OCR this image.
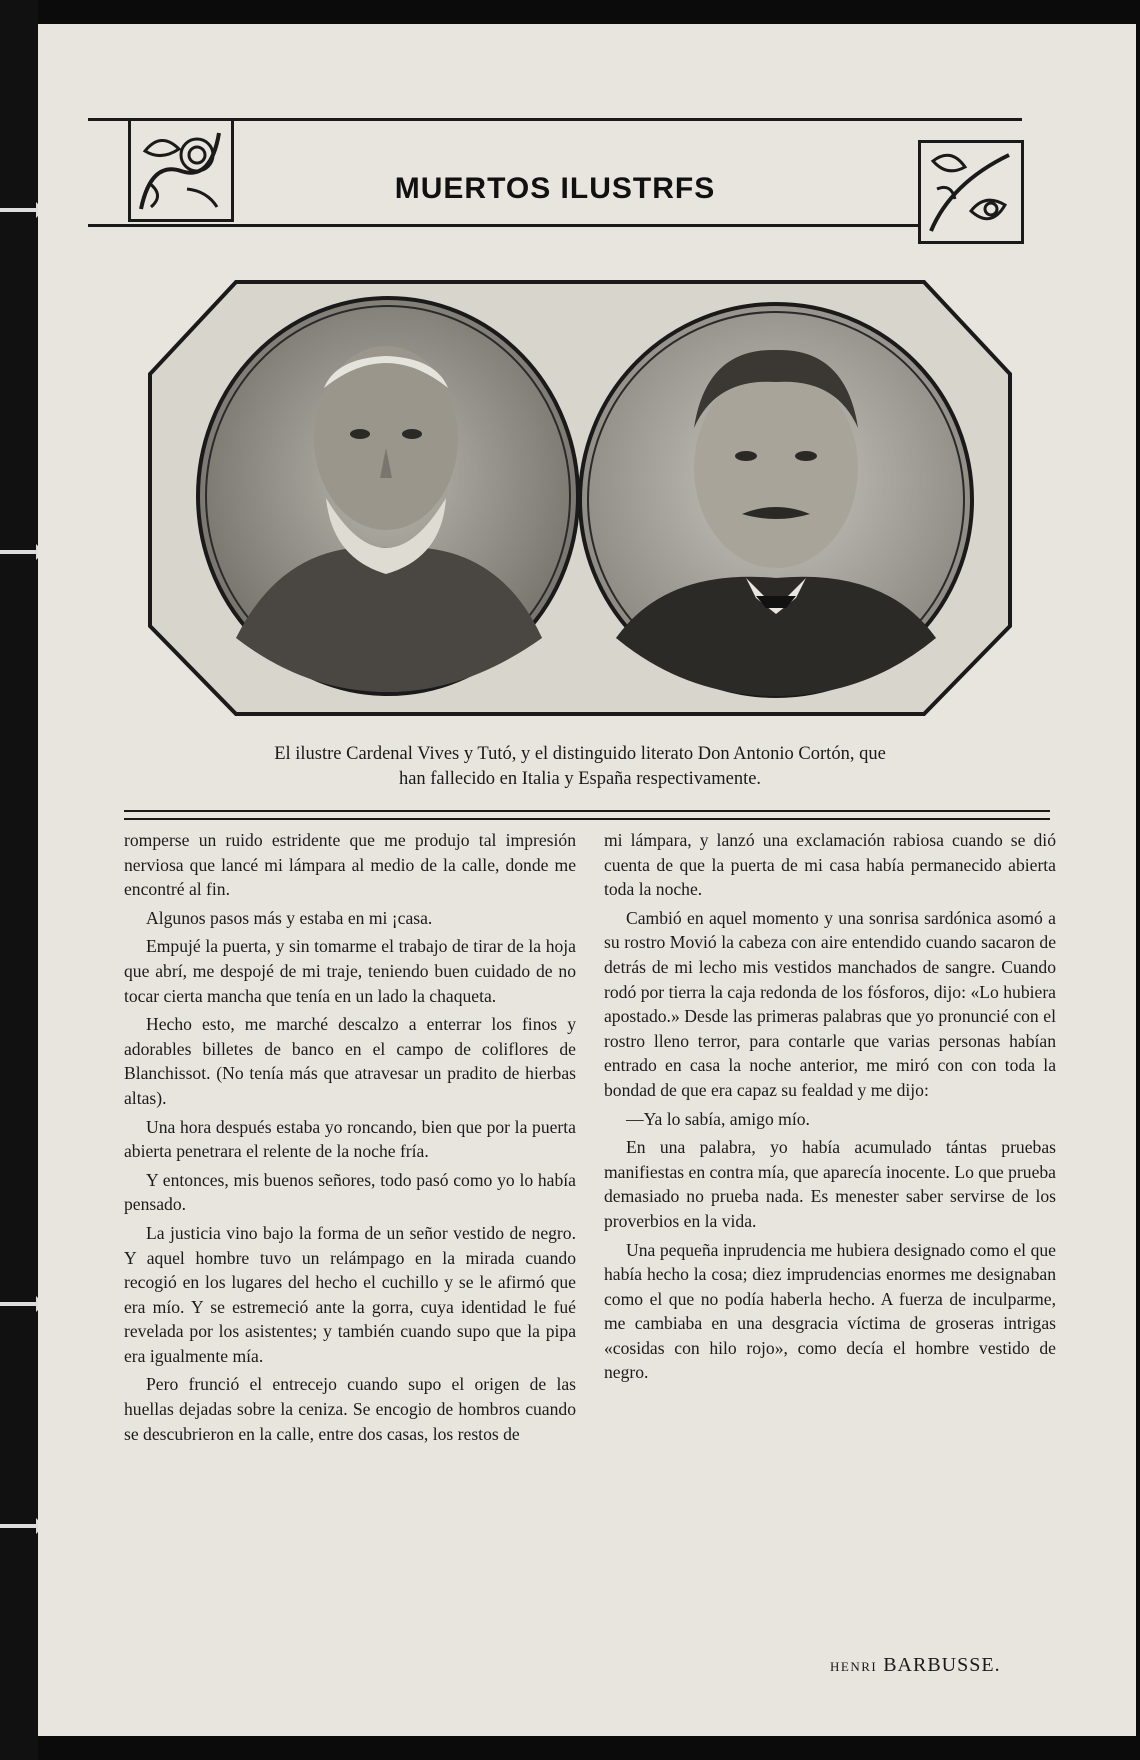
MUERTOS ILUSTRFS
El ilustre Cardenal Vives y Tutó, y el distinguido literato Don Antonio Cortón, que
han fallecido en Italia y España respectivamente.

romperse un ruido estridente que me produjo tal impresión nerviosa que lancé mi lámpara al medio de la calle, donde me encontré al fin.

Algunos pasos más y estaba en mi ¡casa.

Empujé la puerta, y sin tomarme el trabajo de tirar de la hoja que abrí, me despojé de mi traje, teniendo buen cuidado de no tocar cierta mancha que tenía en un lado la chaqueta.

Hecho esto, me marché descalzo a enterrar los finos y adorables billetes de banco en el campo de coliflores de Blanchissot. (No tenía más que atravesar un pradito de hierbas altas).

Una hora después estaba yo roncando, bien que por la puerta abierta penetrara el relente de la noche fría.

Y entonces, mis buenos señores, todo pasó como yo lo había pensado.

La justicia vino bajo la forma de un señor vestido de negro. Y aquel hombre tuvo un relámpago en la mirada cuando recogió en los lugares del hecho el cuchillo y se le afirmó que era mío. Y se estremeció ante la gorra, cuya identidad le fué revelada por los asistentes; y también cuando supo que la pipa era igualmente mía.

Pero frunció el entrecejo cuando supo el origen de las huellas dejadas sobre la ceniza. Se encogio de hombros cuando se descubrieron en la calle, entre dos casas, los restos de

mi lámpara, y lanzó una exclamación rabiosa cuando se dió cuenta de que la puerta de mi casa había permanecido abierta toda la noche.

Cambió en aquel momento y una sonrisa sardónica asomó a su rostro Movió la cabeza con aire entendido cuando sacaron de detrás de mi lecho mis vestidos manchados de sangre. Cuando rodó por tierra la caja redonda de los fósforos, dijo: «Lo hubiera apostado.» Desde las primeras palabras que yo pronuncié con el rostro lleno terror, para contarle que varias personas habían entrado en casa la noche anterior, me miró con con toda la bondad de que era capaz su fealdad y me dijo:

—Ya lo sabía, amigo mío.

En una palabra, yo había acumulado tántas pruebas manifiestas en contra mía, que aparecía inocente. Lo que prueba demasiado no prueba nada. Es menester saber servirse de los proverbios en la vida.

Una pequeña inprudencia me hubiera designado como el que había hecho la cosa; diez imprudencias enormes me designaban como el que no podía haberla hecho. A fuerza de inculparme, me cambiaba en una desgracia víctima de groseras intrigas «cosidas con hilo rojo», como decía el hombre vestido de negro.

HENRI BARBUSSE.
